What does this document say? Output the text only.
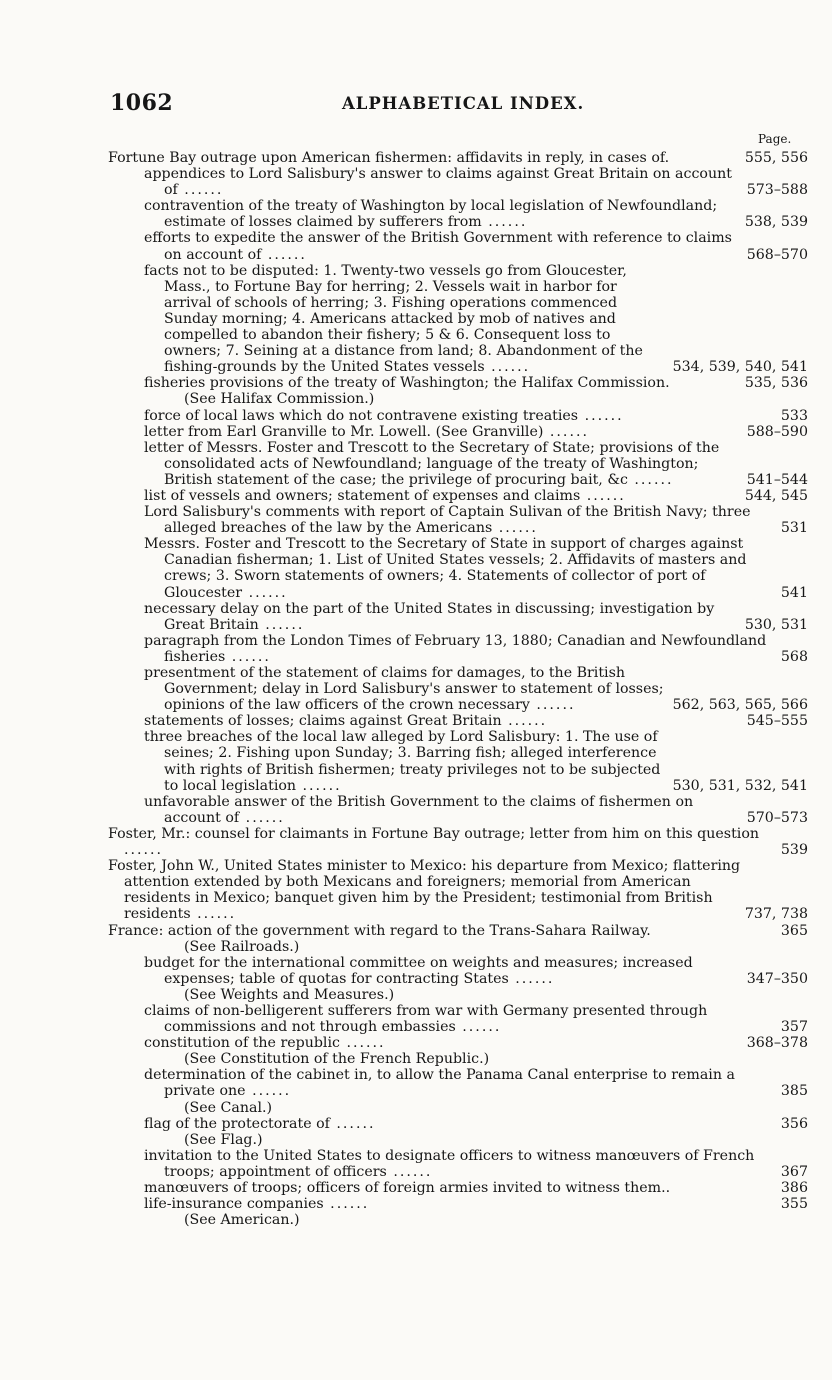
1062	ALPHABETICAL INDEX.
Page.
Fortune Bay outrage upon American fishermen: affidavits in reply, in cases of.	555, 556
appendices to Lord Salisbury's answer to claims against Great Britain on account of ......	573–588
contravention of the treaty of Washington by local legislation of Newfoundland; estimate of losses claimed by sufferers from ......	538, 539
efforts to expedite the answer of the British Government with reference to claims on account of ......	568–570
facts not to be disputed: 1. Twenty-two vessels go from Gloucester, Mass., to Fortune Bay for herring; 2. Vessels wait in harbor for arrival of schools of herring; 3. Fishing operations commenced Sunday morning; 4. Americans attacked by mob of natives and compelled to abandon their fishery; 5 & 6. Consequent loss to owners; 7. Seining at a distance from land; 8. Abandonment of the fishing-grounds by the United States vessels ......	534, 539, 540, 541
fisheries provisions of the treaty of Washington; the Halifax Commission.	535, 536
(See Halifax Commission.)
force of local laws which do not contravene existing treaties ......	533
letter from Earl Granville to Mr. Lowell. (See Granville) ......	588–590
letter of Messrs. Foster and Trescott to the Secretary of State; provisions of the consolidated acts of Newfoundland; language of the treaty of Washington; British statement of the case; the privilege of procuring bait, &c ......	541–544
list of vessels and owners; statement of expenses and claims ......	544, 545
Lord Salisbury's comments with report of Captain Sulivan of the British Navy; three alleged breaches of the law by the Americans ......	531
Messrs. Foster and Trescott to the Secretary of State in support of charges against Canadian fisherman; 1. List of United States vessels; 2. Affidavits of masters and crews; 3. Sworn statements of owners; 4. Statements of collector of port of Gloucester ......	541
necessary delay on the part of the United States in discussing; investigation by Great Britain ......	530, 531
paragraph from the London Times of February 13, 1880; Canadian and Newfoundland fisheries ......	568
presentment of the statement of claims for damages, to the British Government; delay in Lord Salisbury's answer to statement of losses; opinions of the law officers of the crown necessary ......	562, 563, 565, 566
statements of losses; claims against Great Britain ......	545–555
three breaches of the local law alleged by Lord Salisbury: 1. The use of seines; 2. Fishing upon Sunday; 3. Barring fish; alleged interference with rights of British fishermen; treaty privileges not to be subjected to local legislation ......	530, 531, 532, 541
unfavorable answer of the British Government to the claims of fishermen on account of ......	570–573
Foster, Mr.: counsel for claimants in Fortune Bay outrage; letter from him on this question ......	539
Foster, John W., United States minister to Mexico: his departure from Mexico; flattering attention extended by both Mexicans and foreigners; memorial from American residents in Mexico; banquet given him by the President; testimonial from British residents ......	737, 738
France: action of the government with regard to the Trans-Sahara Railway.	365
(See Railroads.)
budget for the international committee on weights and measures; increased expenses; table of quotas for contracting States ......	347–350
(See Weights and Measures.)
claims of non-belligerent sufferers from war with Germany presented through commissions and not through embassies ......	357
constitution of the republic ......	368–378
(See Constitution of the French Republic.)
determination of the cabinet in, to allow the Panama Canal enterprise to remain a private one ......	385
(See Canal.)
flag of the protectorate of ......	356
(See Flag.)
invitation to the United States to designate officers to witness manœuvers of French troops; appointment of officers ......	367
manœuvers of troops; officers of foreign armies invited to witness them..	386
life-insurance companies ......	355
(See American.)
